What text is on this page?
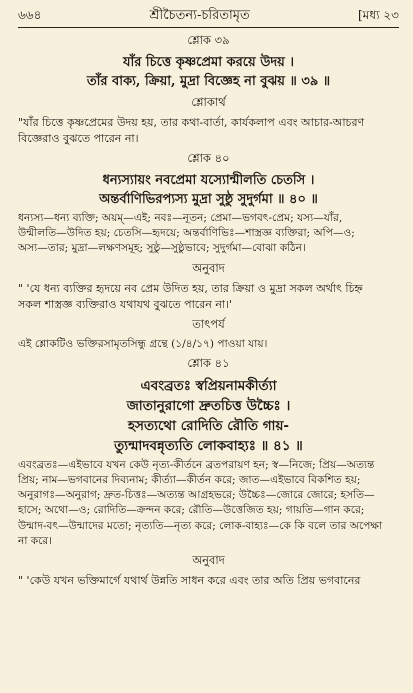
৬৬৪	শ্রীচৈতন্য-চরিতামৃত	[মধ্য ২৩
শ্লোক ৩৯
যাঁর চিত্তে কৃষ্ণপ্রেমা করয়ে উদয় ।
তাঁর বাক্য, ক্রিয়া, মুদ্রা বিজ্ঞেহ না বুঝয় ॥ ৩৯ ॥
শ্লোকার্থ
"যাঁর চিত্তে কৃষ্ণপ্রেমের উদয় হয়, তার কথা-বার্তা, কার্যকলাপ এবং আচার-আচরণ
বিজ্ঞেরাও বুঝতে পারেন না।
শ্লোক ৪০
ধন্যস্যায়ং নবপ্রেমা যস্যোন্মীলতি চেতসি ।
অন্তর্বাণিভিরপ্যস্য মুদ্রা সুষ্ঠু সুদুর্গমা ॥ ৪০ ॥
ধন্যস্য—ধন্য ব্যক্তি; অয়ম্—এই; নবঃ—নূতন; প্রেমা—ভগবৎ-প্রেম; যস্য—যাঁর,
উন্মীলতি—উদিত হয়; চেতসি—হৃদয়ে; অন্তর্বাণিভিঃ—শাস্ত্রজ্ঞ ব্যক্তিরা; অপি—ও;
অস্য—তার; মুদ্রা—লক্ষণসমূহ; সুষ্ঠু—সুষ্ঠুভাবে; সুদুর্গমা—বোঝা কঠিন।
অনুবাদ
" 'যে ধন্য ব্যক্তির হৃদয়ে নব প্রেম উদিত হয়, তার ক্রিয়া ও মুদ্রা সকল অর্থাৎ চিহ্ন
সকল শাস্ত্রজ্ঞ ব্যক্তিরাও যথাযথ বুঝতে পারেন না।'
তাৎপর্য
এই শ্লোকটিও ভক্তিরসামৃতসিন্ধু গ্রন্থে (১/৪/১৭) পাওয়া যায়।
শ্লোক ৪১
এবংব্রতঃ স্বপ্রিয়নামকীর্ত্যা
জাতানুরাগো দ্রুতচিত্ত উচ্চৈঃ ।
হসত্যথো রোদিতি রৌতি গায়-
ত্যুন্মাদবন্নৃত্যতি লোকবাহ্যঃ ॥ ৪১ ॥
এবংব্রতঃ—এইভাবে যখন কেউ নৃত্য-কীর্তনে ব্রতপরায়ণ হন; স্ব—নিজে; প্রিয়—অত্যন্ত
প্রিয়; নাম—ভগবানের দিব্যনাম; কীর্ত্যা—কীর্তন করে; জাত—এইভাবে বিকশিত হয়;
অনুরাগঃ—অনুরাগ; দ্রুত-চিত্তঃ—অত্যন্ত আগ্রহভরে; উচ্চৈঃ—জোরে জোরে; হসতি—
হাসে; অথো—ও; রোদিতি—ক্রন্দন করে; রৌতি—উত্তেজিত হয়; গায়তি—গান করে;
উন্মাদ-বৎ—উন্মাদের মতো; নৃত্যতি—নৃত্য করে; লোক-বাহ্যঃ—কে কি বলে তার অপেক্ষা
না করে।
অনুবাদ
" 'কেউ যখন ভক্তিমার্গে যথার্থ উন্নতি সাধন করে এবং তার অতি প্রিয় ভগবানের
